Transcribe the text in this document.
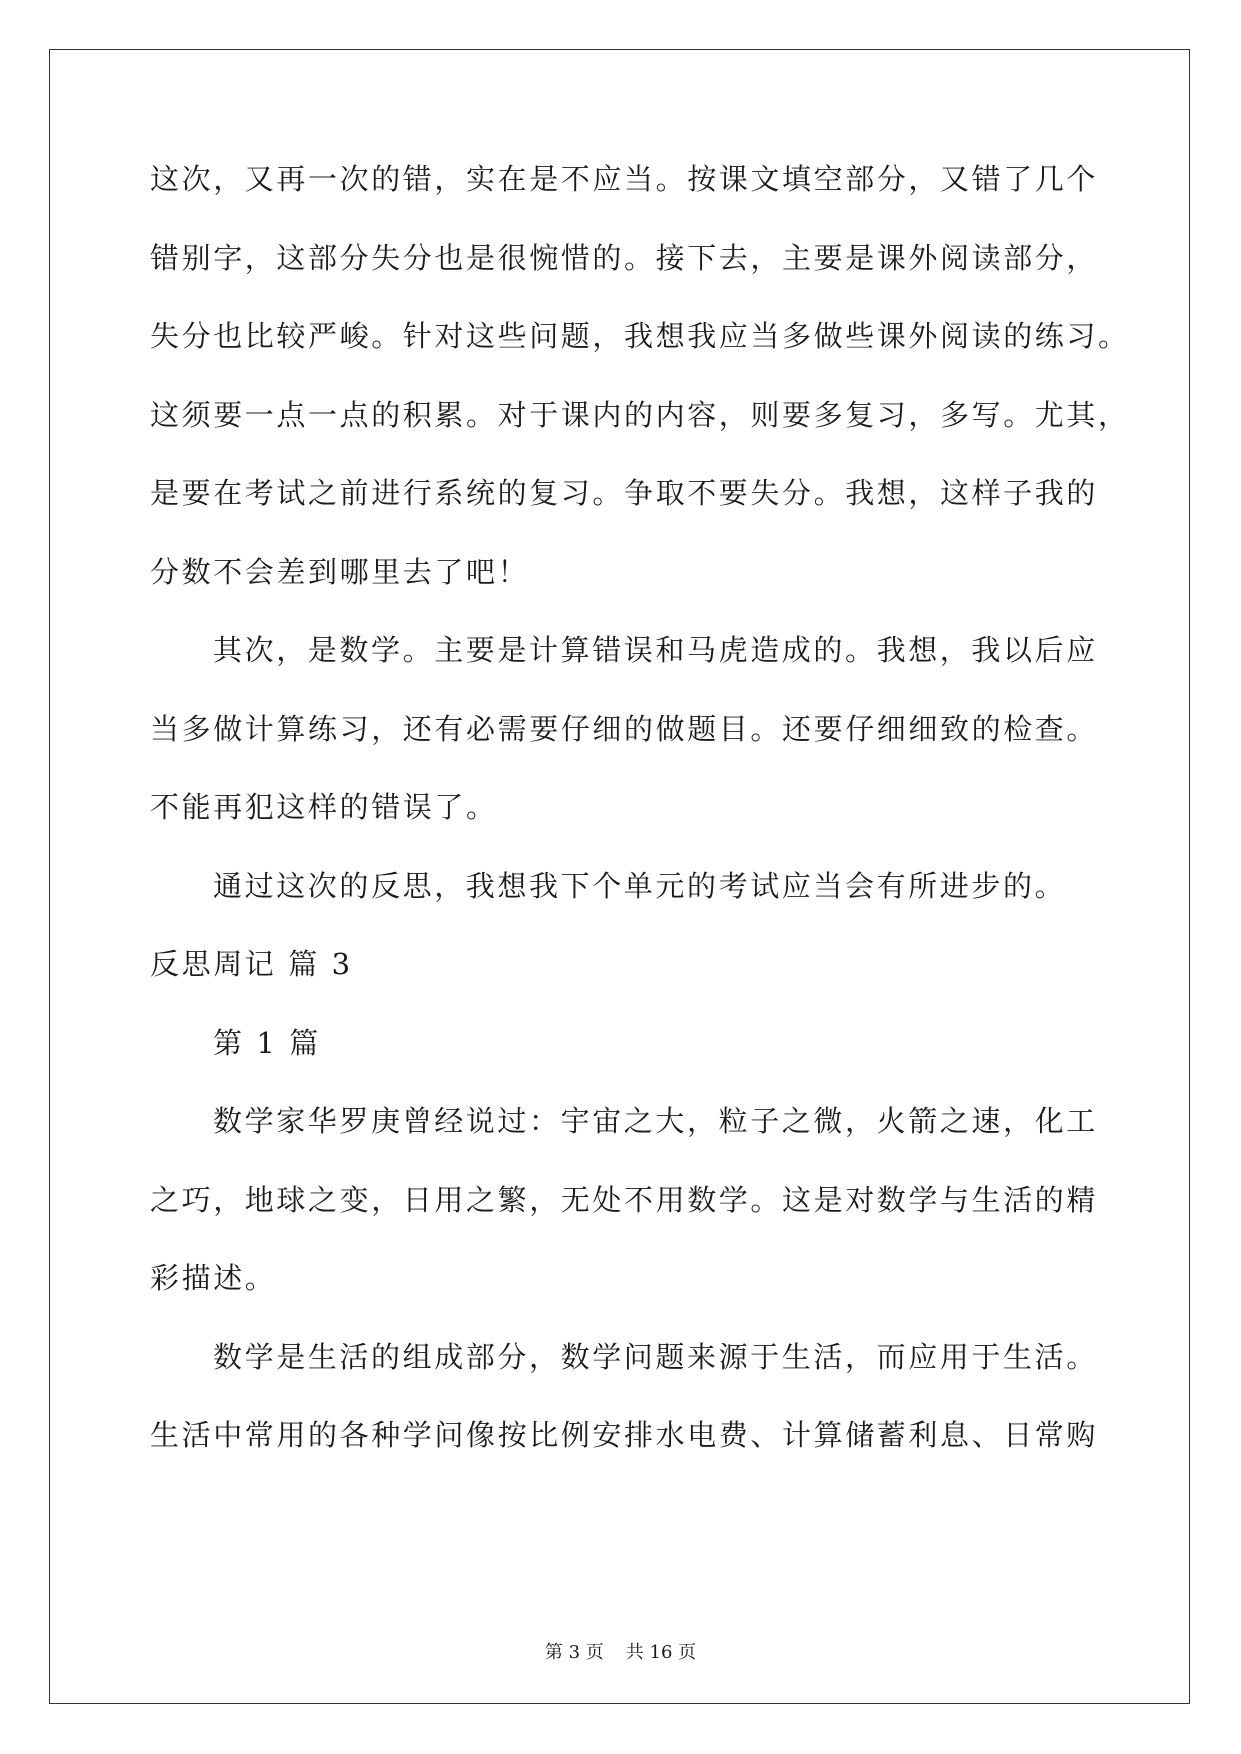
这次，又再一次的错，实在是不应当。按课文填空部分，又错了几个
错别字，这部分失分也是很惋惜的。接下去，主要是课外阅读部分，
失分也比较严峻。针对这些问题，我想我应当多做些课外阅读的练习。
这须要一点一点的积累。对于课内的内容，则要多复习，多写。尤其，
是要在考试之前进行系统的复习。争取不要失分。我想，这样子我的
分数不会差到哪里去了吧！
其次，是数学。主要是计算错误和马虎造成的。我想，我以后应
当多做计算练习，还有必需要仔细的做题目。还要仔细细致的检查。
不能再犯这样的错误了。
通过这次的反思，我想我下个单元的考试应当会有所进步的。
反思周记 篇 3
第 1 篇
数学家华罗庚曾经说过：宇宙之大，粒子之微，火箭之速，化工
之巧，地球之变，日用之繁，无处不用数学。这是对数学与生活的精
彩描述。
数学是生活的组成部分，数学问题来源于生活，而应用于生活。
生活中常用的各种学问像按比例安排水电费、计算储蓄利息、日常购
第 3 页 共 16 页
